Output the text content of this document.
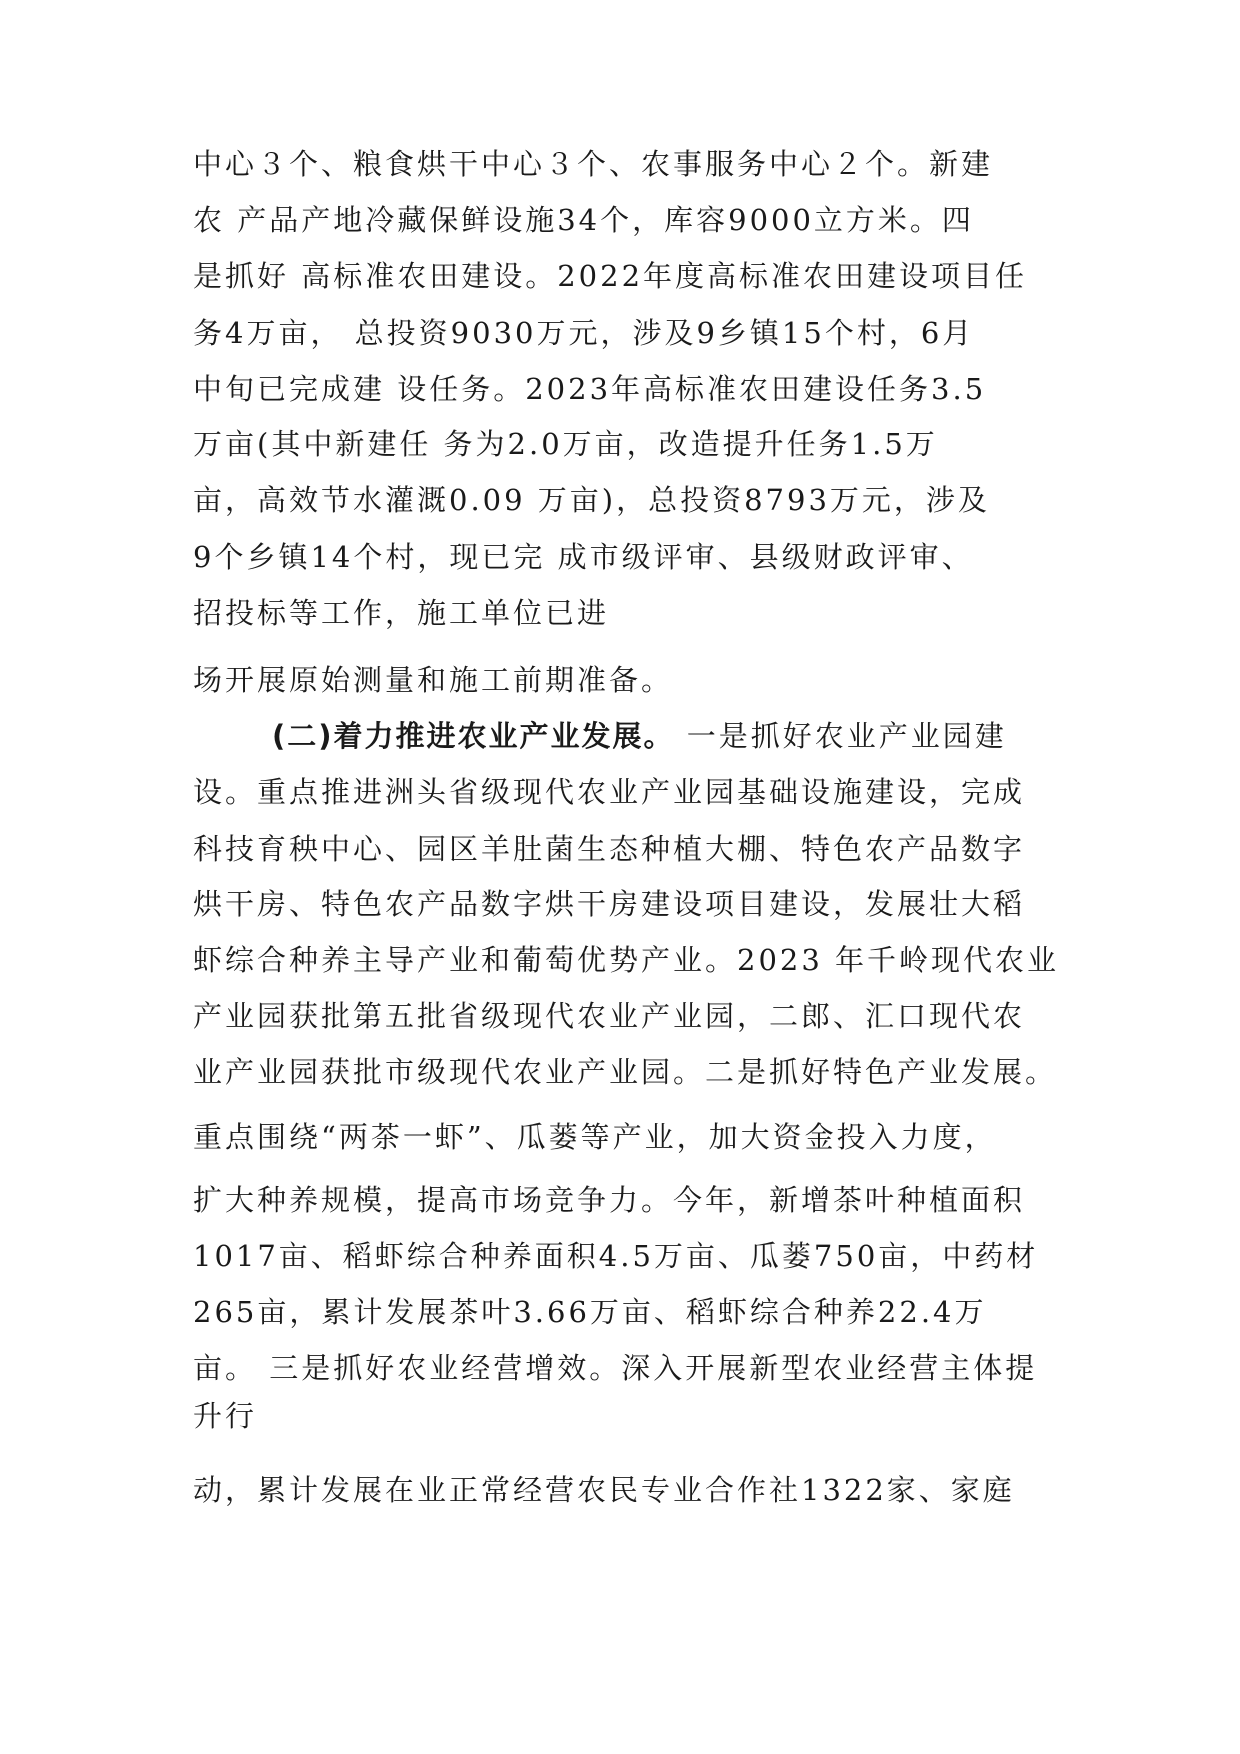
中心３个、粮食烘干中心３个、农事服务中心２个。新建
农 产品产地冷藏保鲜设施34个，库容9000立方米。四
是抓好 高标准农田建设。2022年度高标准农田建设项目任
务4万亩， 总投资9030万元，涉及9乡镇15个村，6月
中旬已完成建 设任务。2023年高标准农田建设任务3.5
万亩(其中新建任 务为2.0万亩，改造提升任务1.5万
亩，高效节水灌溉0.09 万亩)，总投资8793万元，涉及
9个乡镇14个村，现已完 成市级评审、县级财政评审、
招投标等工作，施工单位已进
场开展原始测量和施工前期准备。
(二)着力推进农业产业发展。 一是抓好农业产业园建
设。重点推进洲头省级现代农业产业园基础设施建设，完成
科技育秧中心、园区羊肚菌生态种植大棚、特色农产品数字
烘干房、特色农产品数字烘干房建设项目建设，发展壮大稻
虾综合种养主导产业和葡萄优势产业。2023 年千岭现代农业
产业园获批第五批省级现代农业产业园，二郎、汇口现代农
业产业园获批市级现代农业产业园。二是抓好特色产业发展。
重点围绕“两茶一虾”、瓜蒌等产业，加大资金投入力度，
扩大种养规模，提高市场竞争力。今年，新增茶叶种植面积
1017亩、稻虾综合种养面积4.5万亩、瓜蒌750亩，中药材
265亩，累计发展茶叶3.66万亩、稻虾综合种养22.4万
亩。 三是抓好农业经营增效。深入开展新型农业经营主体提
升行
动，累计发展在业正常经营农民专业合作社1322家、家庭
